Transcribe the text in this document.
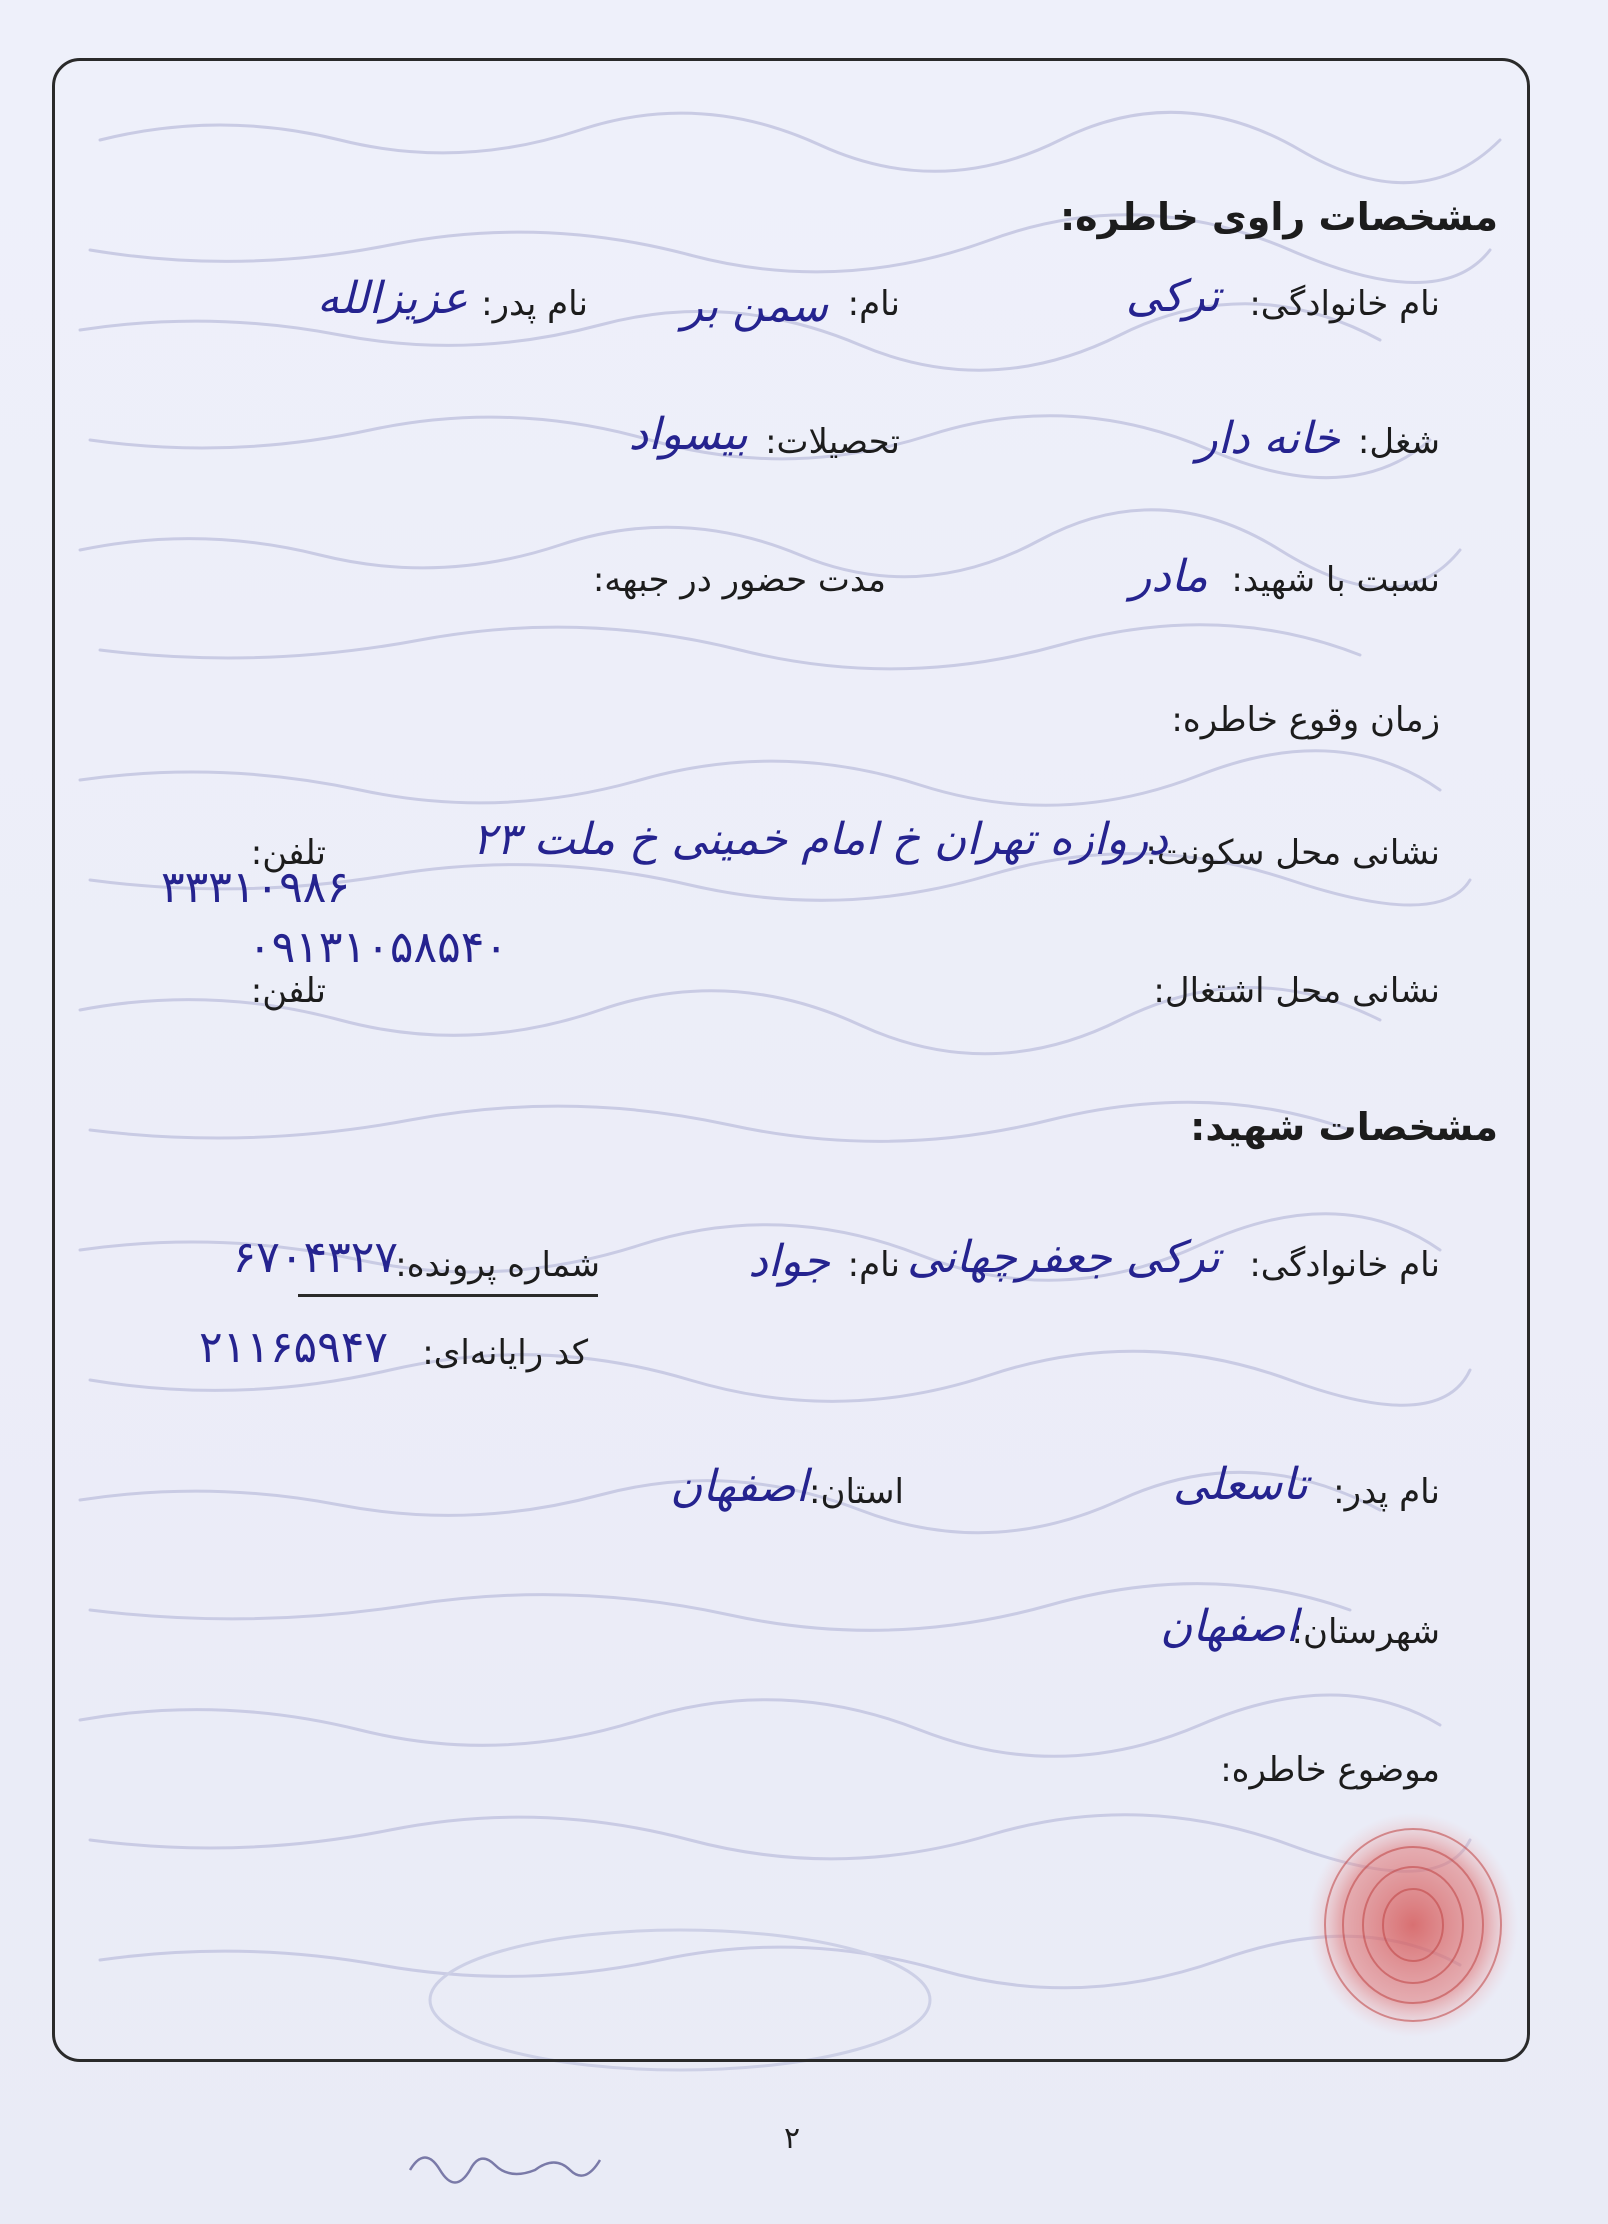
مشخصات راوی خاطره:
نام خانوادگی:
ترکی
نام:
سمن بر
نام پدر:
عزیزالله
شغل:
خانه دار
تحصیلات:
بیسواد
نسبت با شهید:
مادر
مدت حضور در جبهه:
زمان وقوع خاطره:
نشانی محل سکونت:
دروازه تهران خ امام خمینی خ ملت ۲۳
تلفن:
۳۳۳۱۰۹۸۶
۰۹۱۳۱۰۵۸۵۴۰
نشانی محل اشتغال:
تلفن:
مشخصات شهید:
نام خانوادگی:
ترکی جعفرچهانی
نام:
جواد
شماره پرونده:
۶۷۰۴۳۲۷
کد رایانه‌ای:
۲۱۱۶۵۹۴۷
نام پدر:
تاسعلی
استان:
اصفهان
شهرستان:
اصفهان
موضوع خاطره:
۲
